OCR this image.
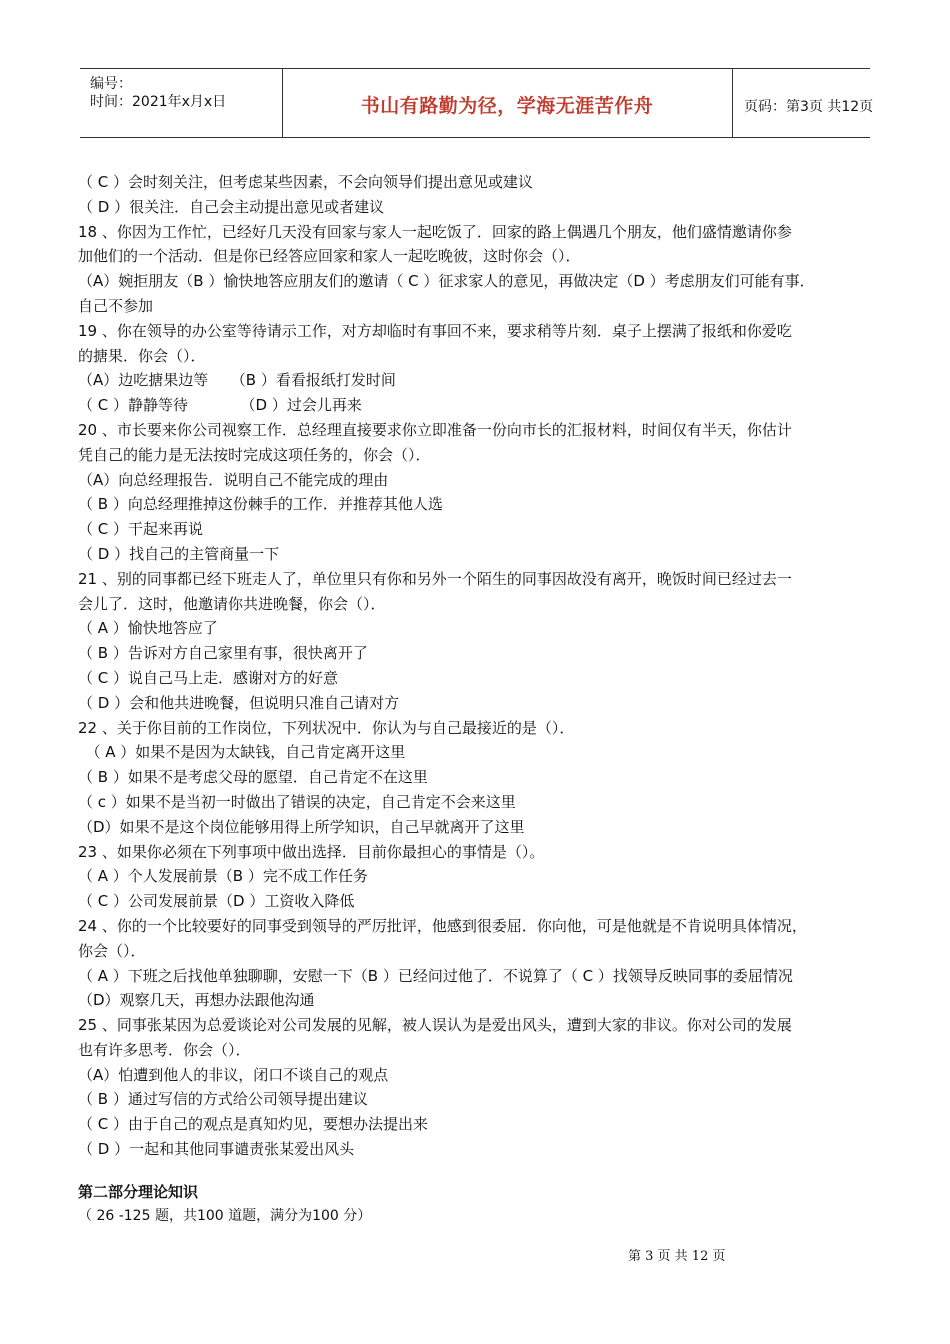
编号：
时间：2021年x月x日	书山有路勤为径，学海无涯苦作舟	页码：第3页 共12页
（ C ）会时刻关注，但考虑某些因素，不会向领导们提出意见或建议
（ D ）很关注．自己会主动提出意见或者建议
18 、你因为工作忙，已经好几天没有回家与家人一起吃饭了．回家的路上偶遇几个朋友，他们盛情邀请你参
加他们的一个活动．但是你已经答应回家和家人一起吃晚彼，这时你会（）．
（A）婉拒朋友（B ）愉快地答应朋友们的邀请（ C ）征求家人的意见，再做决定（D ）考虑朋友们可能有事．
自己不参加
19 、你在领导的办公室等待请示工作，对方却临时有事回不来，要求稍等片刻．桌子上摆满了报纸和你爱吃
的搪果．你会（）．
（A）边吃搪果边等　　（B ）看看报纸打发时间
（ C ）静静等待　　　　（D ）过会儿再来
20 、市长要来你公司视察工作．总经理直接要求你立即准备一份向市长的汇报材料，时间仅有半天，你估计
凭自己的能力是无法按时完成这项任务的，你会（）．
（A）向总经理报告．说明自己不能完成的理由
（ B ）向总经理推掉这份棘手的工作．并推荐其他人选
（ C ）干起来再说
（ D ）找自己的主管商量一下
21 、别的同事都已经下班走人了，单位里只有你和另外一个陌生的同事因故没有离开，晚饭时间已经过去一
会儿了．这时，他邀请你共进晚餐，你会（）．
（ A ）愉快地答应了
（ B ）告诉对方自己家里有事，很快离开了
（ C ）说自己马上走．感谢对方的好意
（ D ）会和他共进晚餐，但说明只准自己请对方
22 、关于你目前的工作岗位，下列状况中．你认为与自己最接近的是（）．
　（ A ）如果不是因为太缺钱，自己肯定离开这里
（ B ）如果不是考虑父母的愿望．自己肯定不在这里
（ c ）如果不是当初一时做出了错误的决定，自己肯定不会来这里
（D）如果不是这个岗位能够用得上所学知识，自己早就离开了这里
23 、如果你必须在下列事项中做出选择．目前你最担心的事情是（）。
（ A ）个人发展前景（B ）完不成工作任务
（ C ）公司发展前景（D ）工资收入降低
24 、你的一个比较要好的同事受到领导的严厉批评，他感到很委屈．你向他，可是他就是不肯说明具体情况，
你会（）．
（ A ）下班之后找他单独聊聊，安慰一下（B ）已经问过他了．不说算了（ C ）找领导反映同事的委屈情况
（D）观察几天，再想办法跟他沟通
25 、同事张某因为总爱谈论对公司发展的见解，被人误认为是爱出风头，遭到大家的非议。你对公司的发展
也有许多思考．你会（）．
（A）怕遭到他人的非议，闭口不谈自己的观点
（ B ）通过写信的方式给公司领导提出建议
（ C ）由于自己的观点是真知灼见，要想办法提出来
（ D ）一起和其他同事谴责张某爱出风头
第二部分理论知识
（ 26 -125 题，共100 道题，满分为100 分）
第 3 页 共 12 页
